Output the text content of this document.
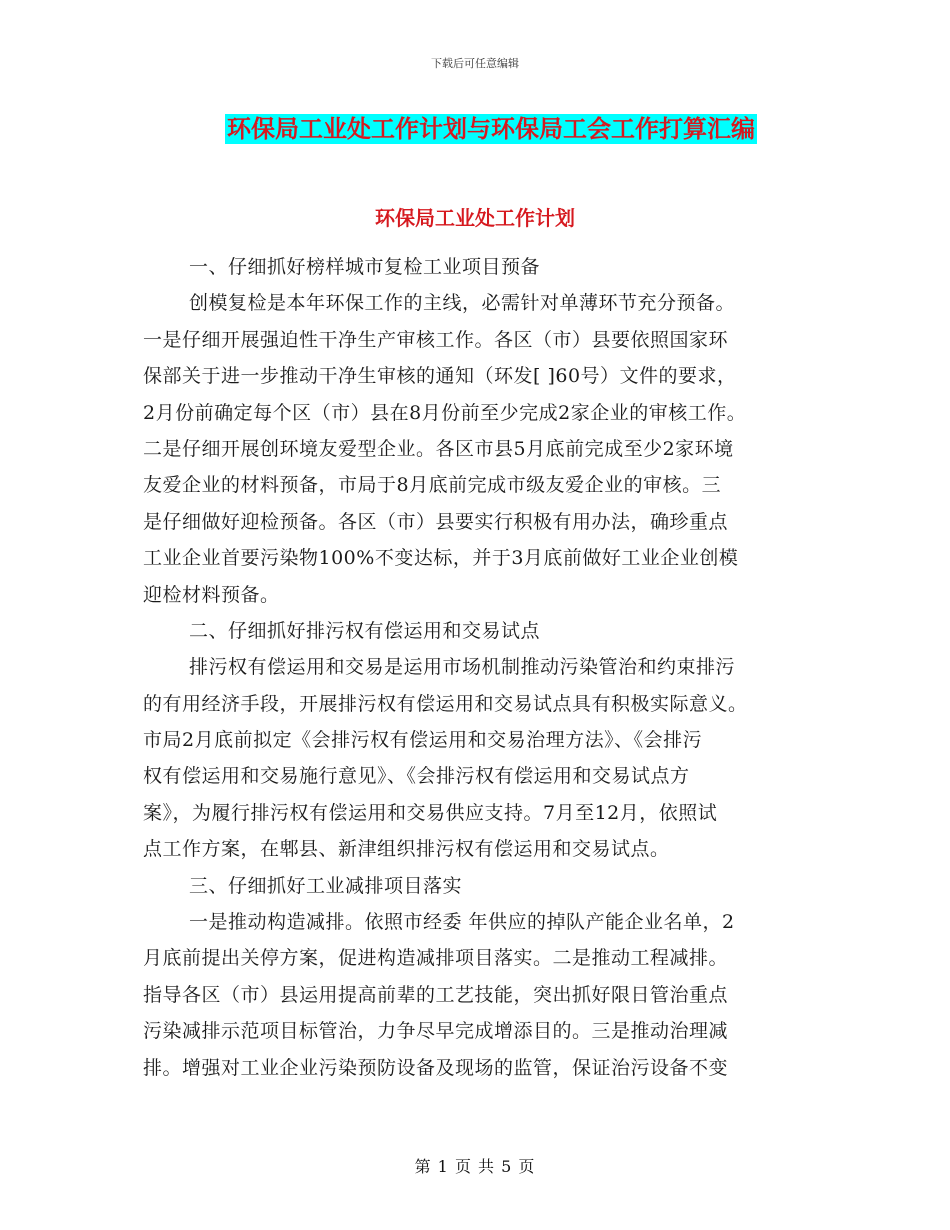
下载后可任意编辑
环保局工业处工作计划与环保局工会工作打算汇编
环保局工业处工作计划
一、仔细抓好榜样城市复检工业项目预备
创模复检是本年环保工作的主线，必需针对单薄环节充分预备。
一是仔细开展强迫性干净生产审核工作。各区（市）县要依照国家环
保部关于进一步推动干净生审核的通知（环发[ ]60号）文件的要求，
2月份前确定每个区（市）县在8月份前至少完成2家企业的审核工作。
二是仔细开展创环境友爱型企业。各区市县5月底前完成至少2家环境
友爱企业的材料预备，市局于8月底前完成市级友爱企业的审核。三
是仔细做好迎检预备。各区（市）县要实行积极有用办法，确珍重点
工业企业首要污染物100%不变达标，并于3月底前做好工业企业创模
迎检材料预备。
二、仔细抓好排污权有偿运用和交易试点
排污权有偿运用和交易是运用市场机制推动污染管治和约束排污
的有用经济手段，开展排污权有偿运用和交易试点具有积极实际意义。
市局2月底前拟定《会排污权有偿运用和交易治理方法》、《会排污
权有偿运用和交易施行意见》、《会排污权有偿运用和交易试点方
案》，为履行排污权有偿运用和交易供应支持。7月至12月，依照试
点工作方案，在郫县、新津组织排污权有偿运用和交易试点。
三、仔细抓好工业减排项目落实
一是推动构造减排。依照市经委 年供应的掉队产能企业名单，2
月底前提出关停方案，促进构造减排项目落实。二是推动工程减排。
指导各区（市）县运用提高前辈的工艺技能，突出抓好限日管治重点
污染减排示范项目标管治，力争尽早完成增添目的。三是推动治理减
排。增强对工业企业污染预防设备及现场的监管，保证治污设备不变
第 1 页 共 5 页
